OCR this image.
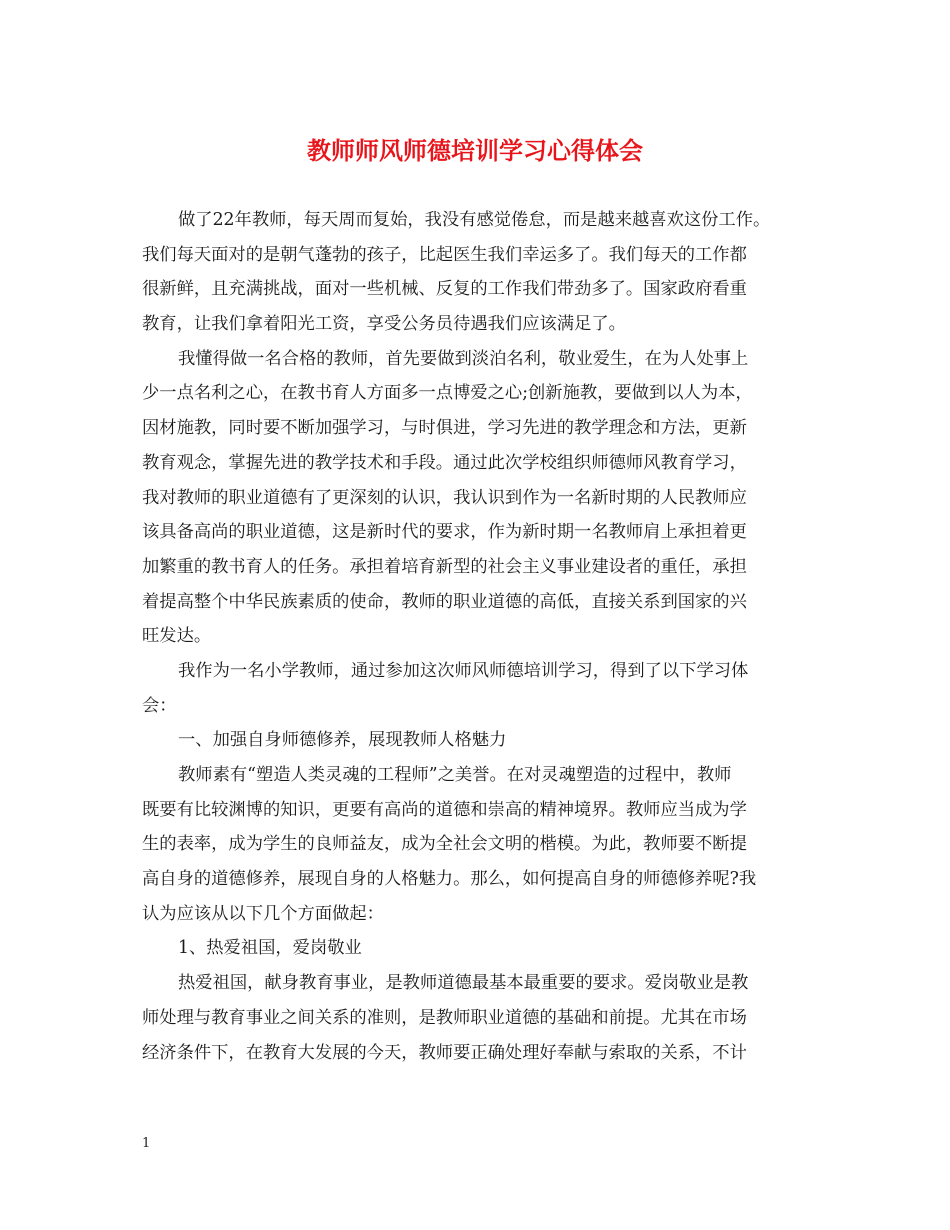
教师师风师德培训学习心得体会
做了22年教师，每天周而复始，我没有感觉倦怠，而是越来越喜欢这份工作。
我们每天面对的是朝气蓬勃的孩子，比起医生我们幸运多了。我们每天的工作都
很新鲜，且充满挑战，面对一些机械、反复的工作我们带劲多了。国家政府看重
教育，让我们拿着阳光工资，享受公务员待遇我们应该满足了。
我懂得做一名合格的教师，首先要做到淡泊名利，敬业爱生，在为人处事上
少一点名利之心，在教书育人方面多一点博爱之心;创新施教，要做到以人为本，
因材施教，同时要不断加强学习，与时俱进，学习先进的教学理念和方法，更新
教育观念，掌握先进的教学技术和手段。通过此次学校组织师德师风教育学习，
我对教师的职业道德有了更深刻的认识，我认识到作为一名新时期的人民教师应
该具备高尚的职业道德，这是新时代的要求，作为新时期一名教师肩上承担着更
加繁重的教书育人的任务。承担着培育新型的社会主义事业建设者的重任，承担
着提高整个中华民族素质的使命，教师的职业道德的高低，直接关系到国家的兴
旺发达。
我作为一名小学教师，通过参加这次师风师德培训学习，得到了以下学习体
会：
一、加强自身师德修养，展现教师人格魅力
教师素有“塑造人类灵魂的工程师”之美誉。在对灵魂塑造的过程中，教师
既要有比较渊博的知识，更要有高尚的道德和崇高的精神境界。教师应当成为学
生的表率，成为学生的良师益友，成为全社会文明的楷模。为此，教师要不断提
高自身的道德修养，展现自身的人格魅力。那么，如何提高自身的师德修养呢?我
认为应该从以下几个方面做起：
1、热爱祖国，爱岗敬业
热爱祖国，献身教育事业，是教师道德最基本最重要的要求。爱岗敬业是教
师处理与教育事业之间关系的准则，是教师职业道德的基础和前提。尤其在市场
经济条件下，在教育大发展的今天，教师要正确处理好奉献与索取的关系，不计
1
